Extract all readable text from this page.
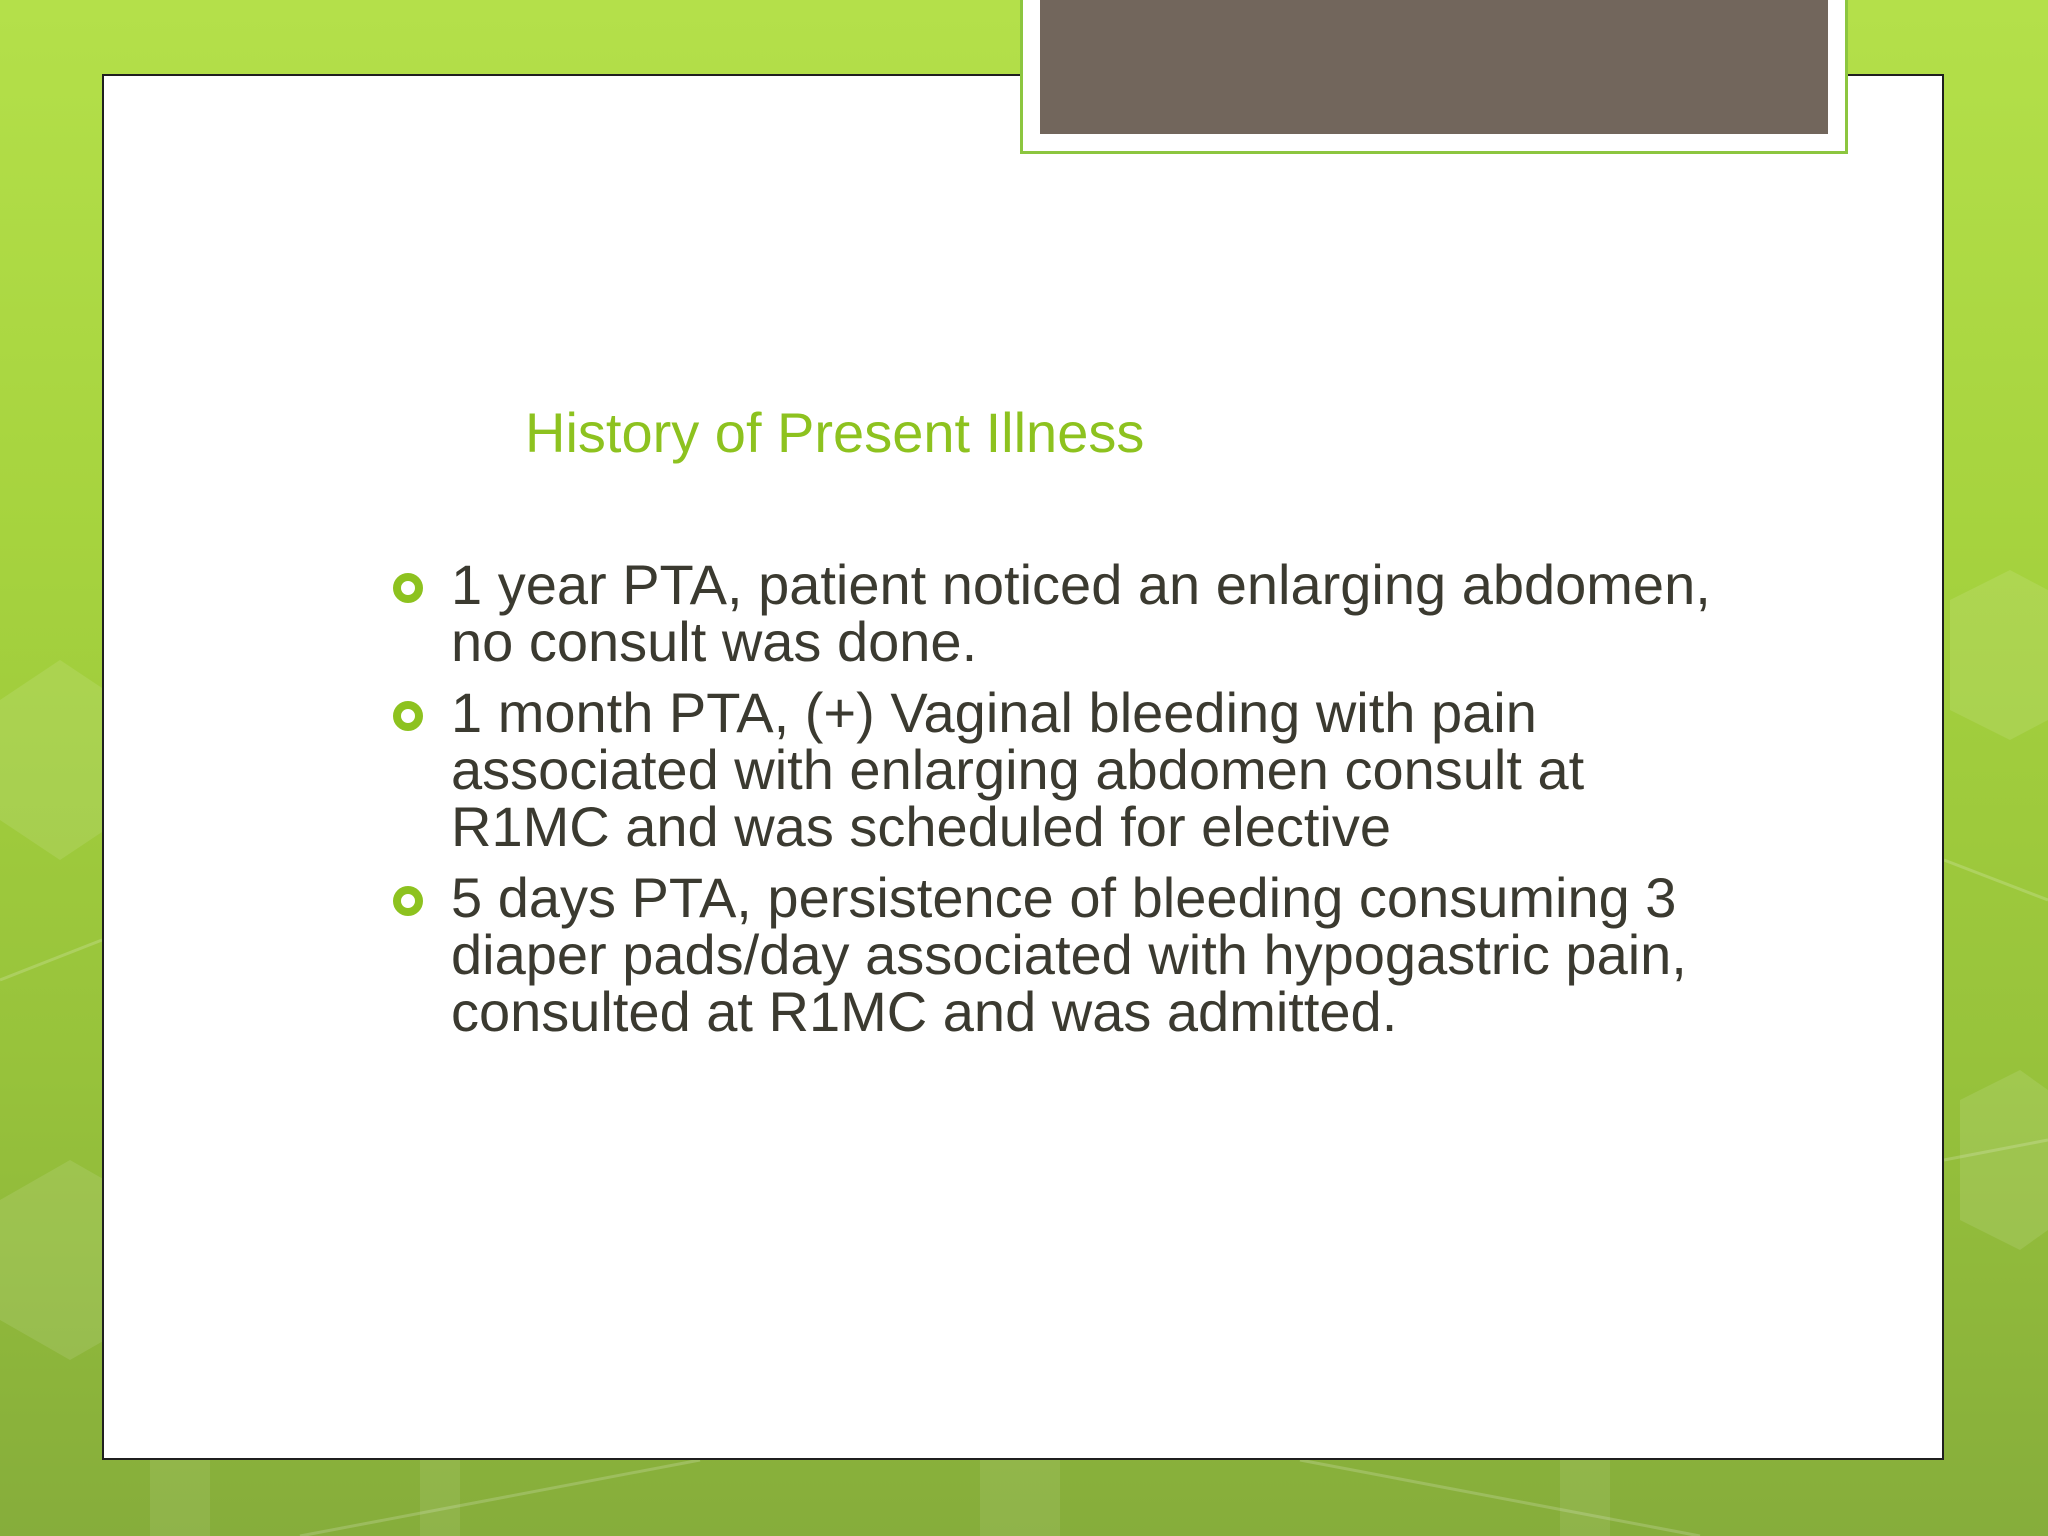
History of Present Illness
1 year PTA, patient noticed an enlarging abdomen, no consult was done.
1 month PTA, (+) Vaginal bleeding with pain associated with enlarging abdomen consult at R1MC and was scheduled for elective
5 days PTA, persistence of bleeding consuming 3 diaper pads/day associated with hypogastric pain, consulted at R1MC and was admitted.
